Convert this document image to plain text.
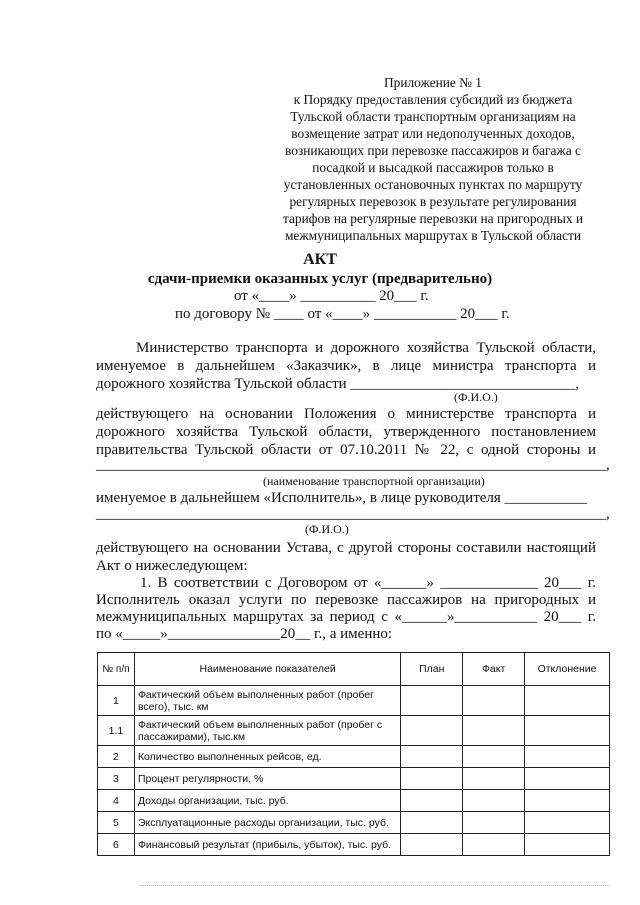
Приложение № 1
к Порядку предоставления субсидий из бюджета
Тульской области транспортным организациям на
возмещение затрат или недополученных доходов,
возникающих при перевозке пассажиров и багажа с
посадкой и высадкой пассажиров только в
установленных остановочных пунктах по маршруту
регулярных перевозок в результате регулирования
тарифов на регулярные перевозки на пригородных и
межмуниципальных маршрутах в Тульской области
АКТ
сдачи-приемки оказанных услуг (предварительно)
от «____» __________ 20___ г.
по договору № ____ от «____» ___________ 20___ г.
Министерство транспорта и дорожного хозяйства Тульской области,
именуемое в дальнейшем «Заказчик», в лице министра транспорта и
дорожного хозяйства Тульской области ______________________________,
(Ф.И.О.)
действующего на основании Положения о министерстве транспорта и
дорожного хозяйства Тульской области, утвержденного постановлением
правительства Тульской области от 07.10.2011 № 22, с одной стороны и
____________________________________________________________________,
(наименование транспортной организации)
именуемое в дальнейшем «Исполнитель», в лице руководителя ___________
____________________________________________________________________,
(Ф.И.О.)
действующего на основании Устава, с другой стороны составили настоящий
Акт о нижеследующем:
1. В соответствии с Договором от «______» _____________ 20___ г.
Исполнитель оказал услуги по перевозке пассажиров на пригородных и
межмуниципальных маршрутах за период с «______»___________ 20___ г.
по «_____»_______________20__ г., а именно:
№ п/п	Наименование показателей	План	Факт	Отклонение
1	Фактический объем выполненных работ (пробег всего), тыс. км			
1.1	Фактический объем выполненных работ (пробег с пассажирами), тыс.км			
2	Количество выполненных рейсов, ед.			
3	Процент регулярности, %			
4	Доходы организации, тыс. руб.			
5	Эксплуатационные расходы организации, тыс. руб.			
6	Финансовый результат (прибыль, убыток), тыс. руб.			
